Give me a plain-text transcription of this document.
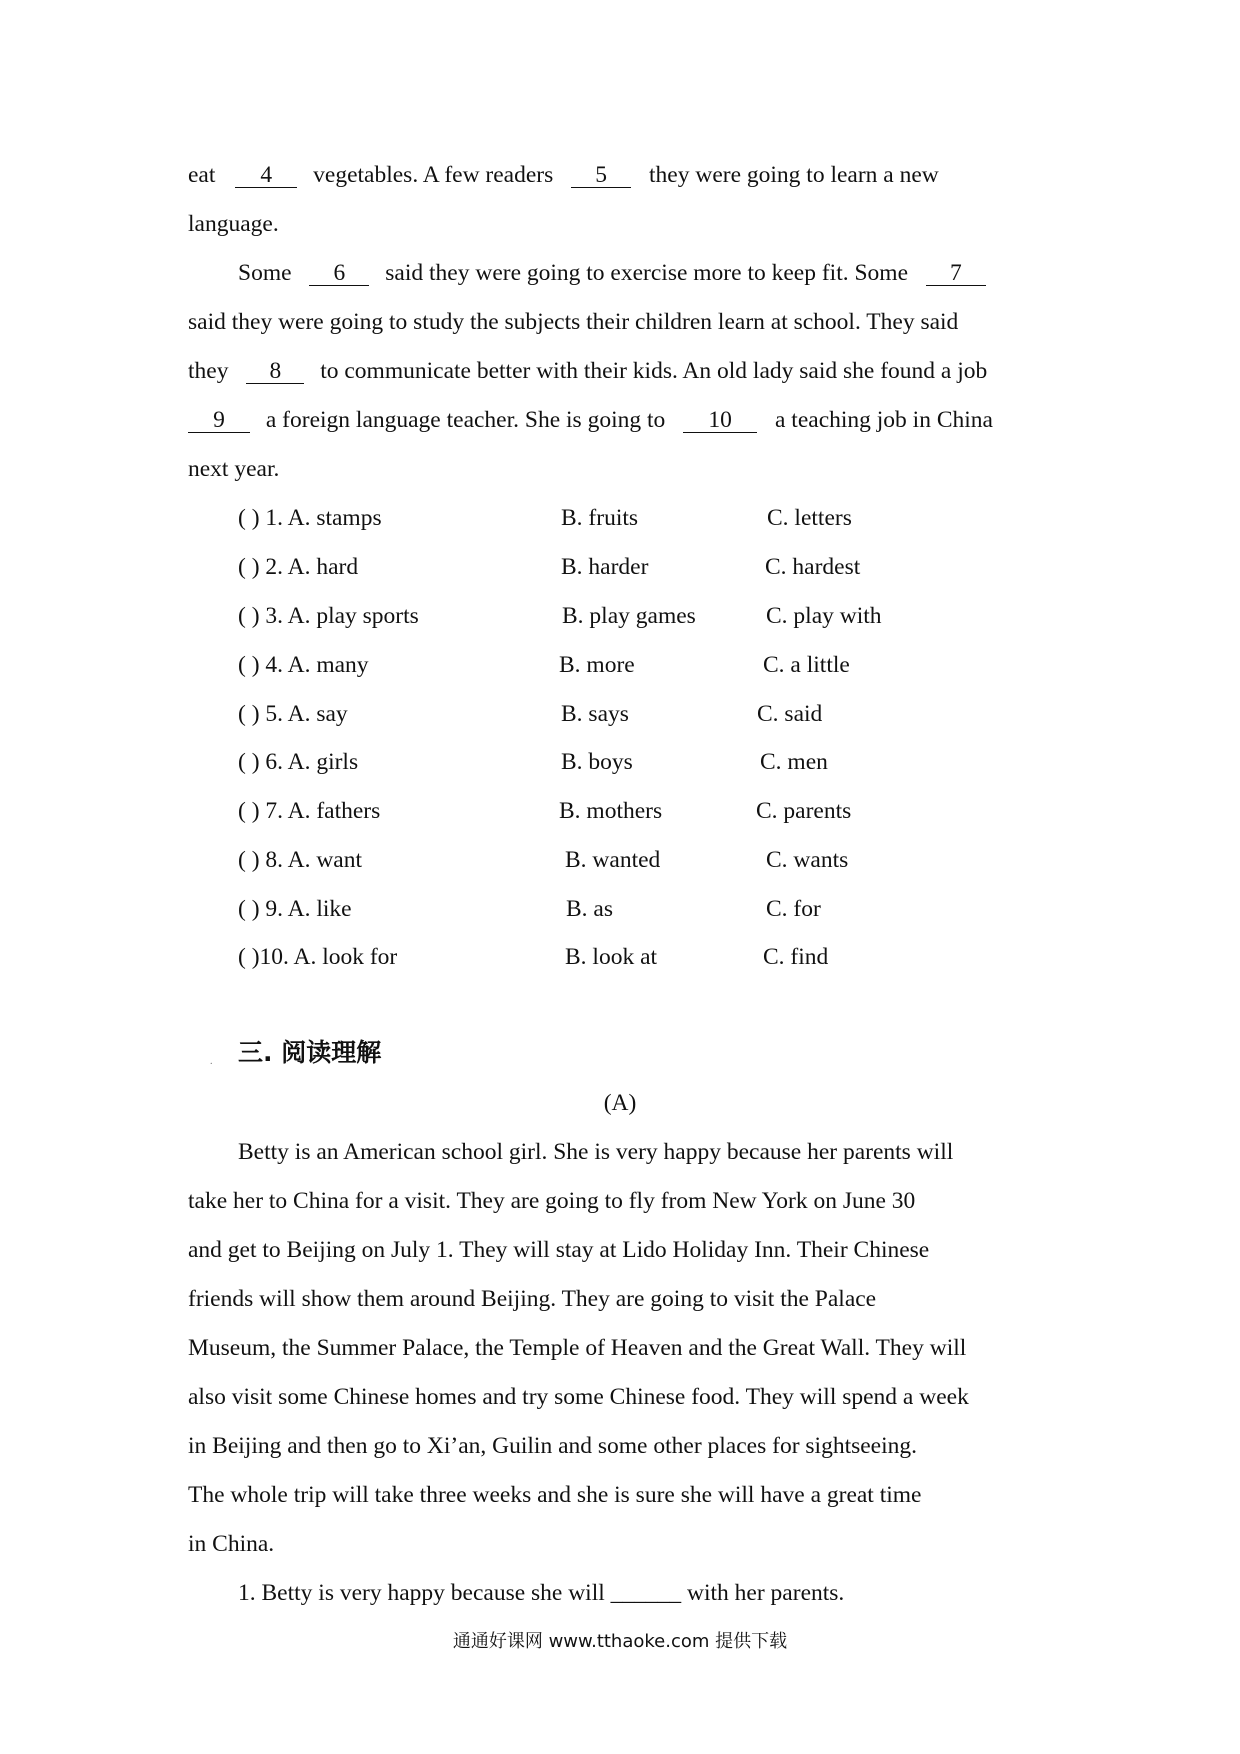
eat 4 vegetables. A few readers 5 they were going to learn a new
language.
Some 6 said they were going to exercise more to keep fit. Some 7
said they were going to study the subjects their children learn at school. They said
they 8 to communicate better with their kids. An old lady said she found a job
9 a foreign language teacher. She is going to 10 a teaching job in China
next year.
( ) 1. A. stamps	B. fruits	C. letters
( ) 2. A. hard	B. harder	C. hardest
( ) 3. A. play sports	B. play games	C. play with
( ) 4. A. many	B. more	C. a little
( ) 5. A. say	B. says	C. said
( ) 6. A. girls	B. boys	C. men
( ) 7. A. fathers	B. mothers	C. parents
( ) 8. A. want	B. wanted	C. wants
( ) 9. A. like	B. as	C. for
( )10. A. look for	B. look at	C. find
. 三. 阅读理解
(A)
Betty is an American school girl. She is very happy because her parents will
take her to China for a visit. They are going to fly from New York on June 30
and get to Beijing on July 1. They will stay at Lido Holiday Inn. Their Chinese
friends will show them around Beijing. They are going to visit the Palace
Museum, the Summer Palace, the Temple of Heaven and the Great Wall. They will
also visit some Chinese homes and try some Chinese food. They will spend a week
in Beijing and then go to Xi’an, Guilin and some other places for sightseeing.
The whole trip will take three weeks and she is sure she will have a great time
in China.
1. Betty is very happy because she will ______ with her parents.
通通好课网 www.tthaoke.com 提供下载
